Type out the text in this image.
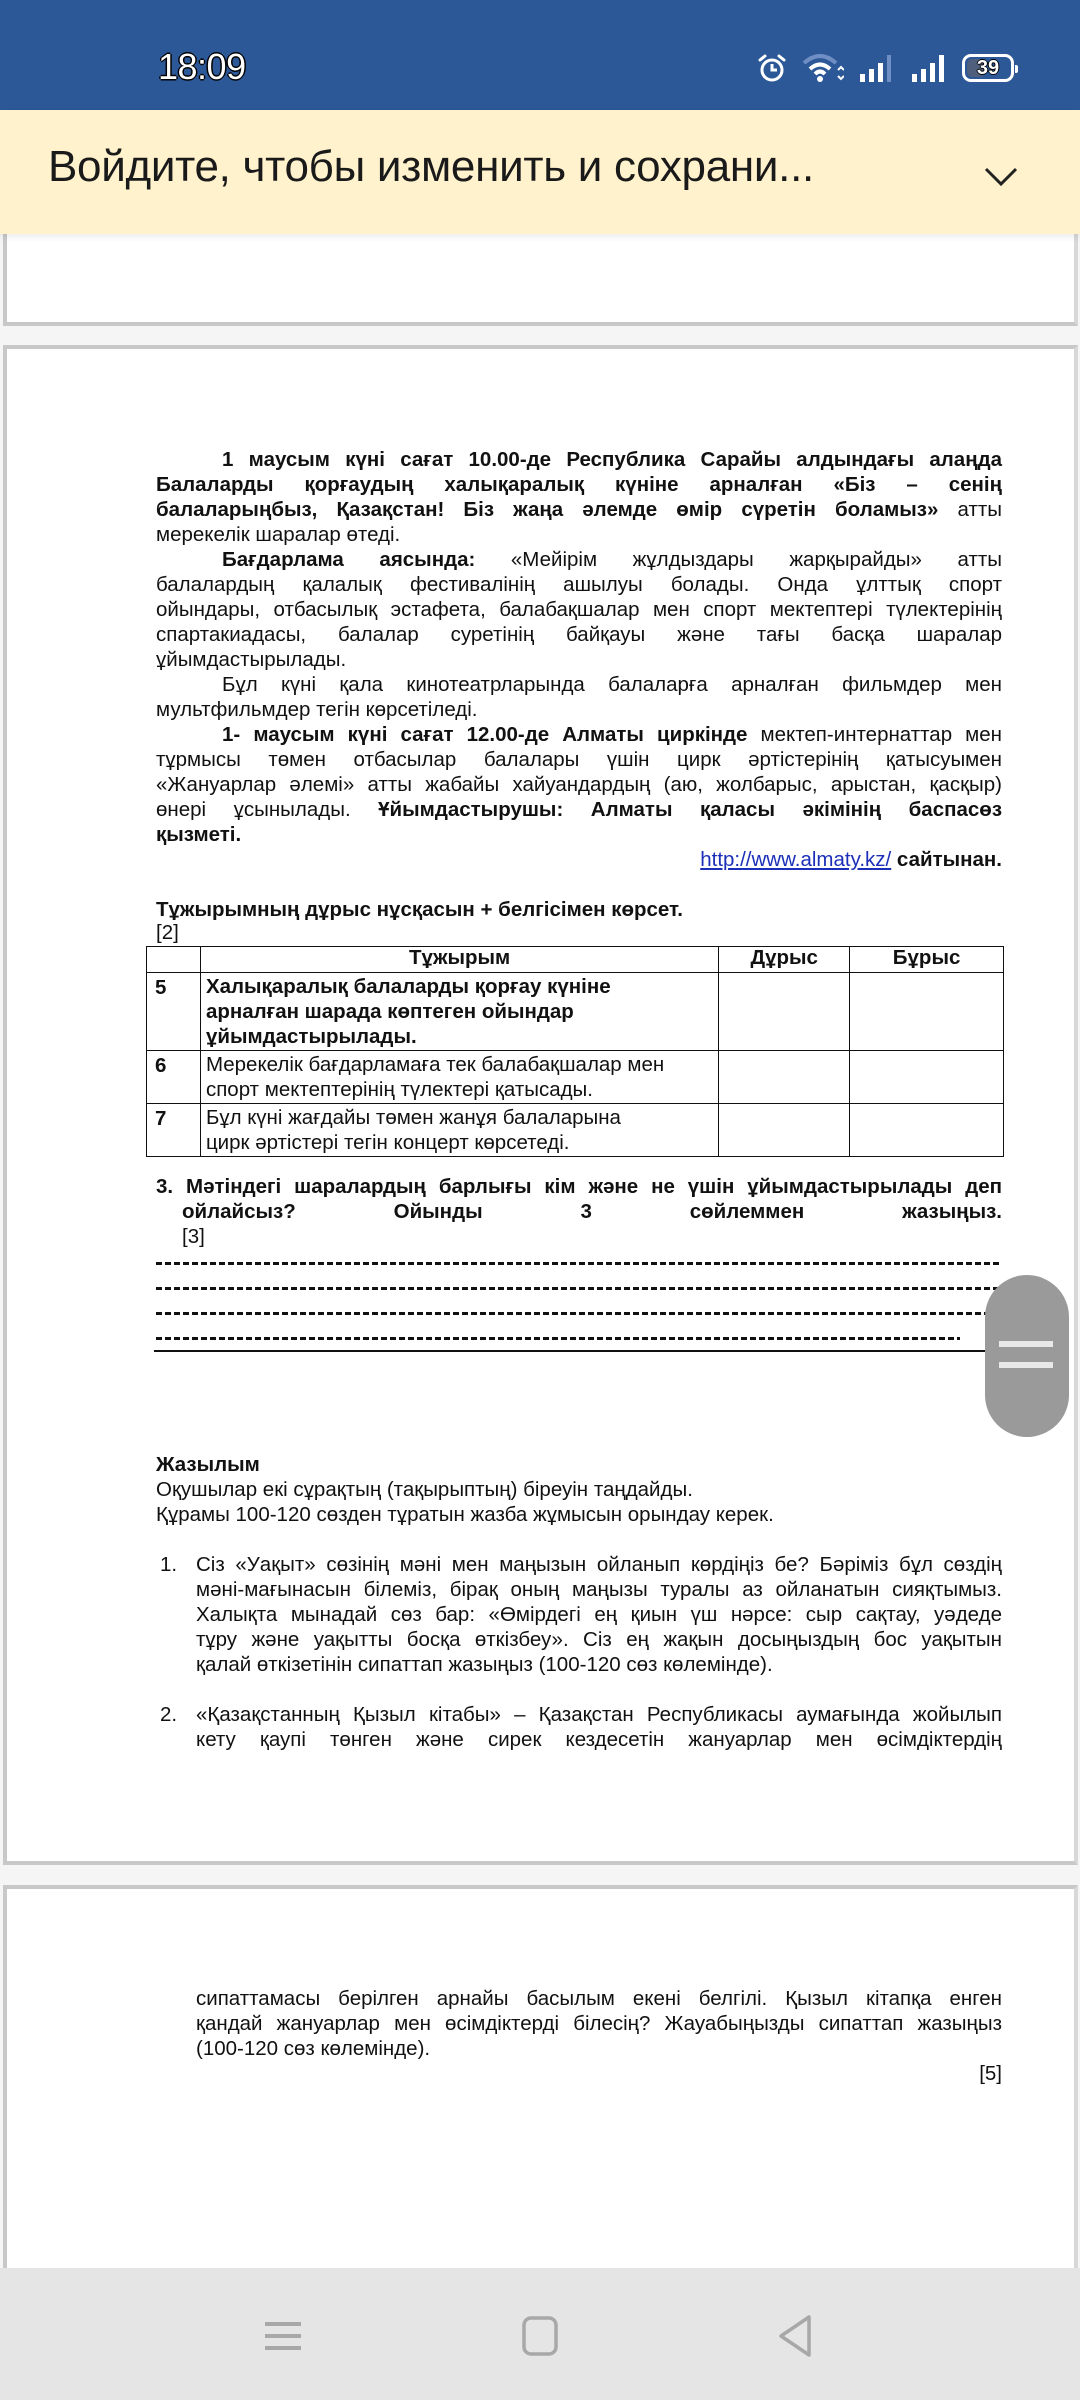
18:09	39
Войдите, чтобы изменить и сохрани...
1 маусым күні сағат 10.00-де Республика Сарайы алдындағы алаңда
Балаларды қорғаудың халықаралық күніне арналған «Біз – сенің
балаларыңбыз, Қазақстан! Біз жаңа әлемде өмір сүретін боламыз» атты
мерекелік шаралар өтеді.
Бағдарлама аясында: «Мейірім жұлдыздары жарқырайды» атты
балалардың қалалық фестивалінің ашылуы болады. Онда ұлттық спорт
ойындары, отбасылық эстафета, балабақшалар мен спорт мектептері түлектерінің
спартакиадасы, балалар суретінің байқауы және тағы басқа шаралар
ұйымдастырылады.
Бұл күні қала кинотеатрларында балаларға арналған фильмдер мен
мультфильмдер тегін көрсетіледі.
1- маусым күні сағат 12.00-де Алматы циркінде мектеп-интернаттар мен
тұрмысы төмен отбасылар балалары үшін цирк әртістерінің қатысуымен
«Жануарлар әлемі» атты жабайы хайуандардың (аю, жолбарыс, арыстан, қасқыр)
өнері ұсынылады. Ұйымдастырушы: Алматы қаласы әкімінің баспасөз
қызметі.
http://www.almaty.kz/ сайтынан.
Тұжырымның дұрыс нұсқасын + белгісімен көрсет.
[2]
	Тұжырым	Дұрыс	Бұрыс
5	Халықаралық балаларды қорғау күніне
арналған шарада көптеген ойындар
ұйымдастырылады.		

6	Мерекелік бағдарламаға тек балабақшалар мен
спорт мектептерінің түлектері қатысады.		

7	Бұл күні жағдайы төмен жанұя балаларына
цирк әртістері тегін концерт көрсетеді.		

3. Мәтіндегі шаралардың барлығы кім және не үшін ұйымдастырылады деп
ойлайсыз? Ойынды 3 сөйлеммен жазыңыз.
[3]
Жазылым
Оқушылар екі сұрақтың (тақырыптың) біреуін таңдайды.
Құрамы 100-120 сөзден тұратын жазба жұмысын орындау керек.
1. Сіз «Уақыт» сөзінің мәні мен маңызын ойланып көрдіңіз бе? Бәріміз бұл сөздің
мәні-мағынасын білеміз, бірақ оның маңызы туралы аз ойланатын сияқтымыз.
Халықта мынадай сөз бар: «Өмірдегі ең қиын үш нәрсе: сыр сақтау, уәдеде
тұру және уақытты босқа өткізбеу». Сіз ең жақын досыңыздың бос уақытын
қалай өткізетінін сипаттап жазыңыз (100-120 сөз көлемінде).
2. «Қазақстанның Қызыл кітабы» – Қазақстан Республикасы аумағында жойылып
кету қаупі төнген және сирек кездесетін жануарлар мен өсімдіктердің
сипаттамасы берілген арнайы басылым екені белгілі. Қызыл кітапқа енген
қандай жануарлар мен өсімдіктерді білесің? Жауабыңызды сипаттап жазыңыз
(100-120 сөз көлемінде).
[5]
